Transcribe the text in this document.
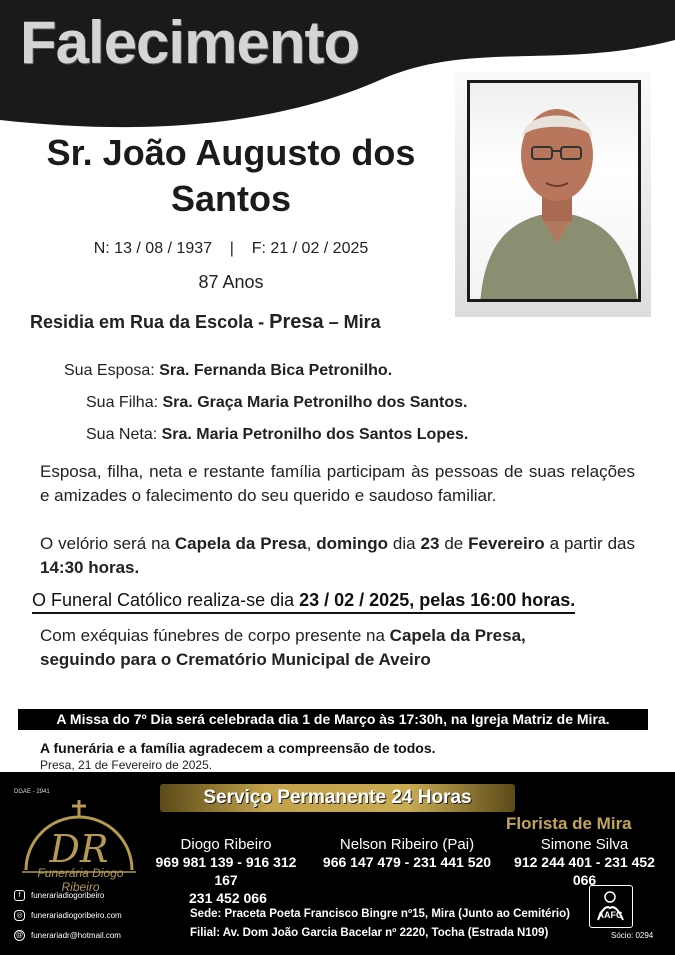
Falecimento
Sr. João Augusto dos
Santos
N: 13 / 08 / 1937    |    F: 21 / 02 / 2025
87 Anos
Residia em Rua da Escola - Presa – Mira
Sua Esposa: Sra. Fernanda Bica Petronilho.
Sua Filha: Sra. Graça Maria Petronilho dos Santos.
Sua Neta: Sra. Maria Petronilho dos Santos Lopes.
Esposa, filha, neta e restante família participam às pessoas de suas relações e amizades o falecimento do seu querido e saudoso familiar.
O velório será na Capela da Presa, domingo dia 23 de Fevereiro a partir das 14:30 horas.
O Funeral Católico realiza-se dia 23 / 02 / 2025, pelas 16:00 horas.
Com exéquias fúnebres de corpo presente na Capela da Presa,
seguindo para o Crematório Municipal de Aveiro
A Missa do 7º Dia será celebrada dia 1 de Março às 17:30h, na Igreja Matriz de Mira.
A funerária e a família agradecem a compreensão de todos.
Presa, 21 de Fevereiro de 2025.
DGAE - 2941	Serviço Permanente 24 Horas
DR
Funerária Diogo Ribeiro
Florista de Mira
Diogo Ribeiro
969 981 139 - 916 312 167
231 452 066
Nelson Ribeiro (Pai)
966 147 479 - 231 441 520
Simone Silva
912 244 401 - 231 452 066
f	funerariadiogoribeiro
◎	funerariadiogoribeiro.com
@ funerariadr@hotmail.com
Sede: Praceta Poeta Francisco Bingre nº15, Mira (Junto ao Cemitério)
Filial: Av. Dom João Garcia Bacelar nº 2220, Tocha (Estrada N109)
AAFC
Sócio: 0294
